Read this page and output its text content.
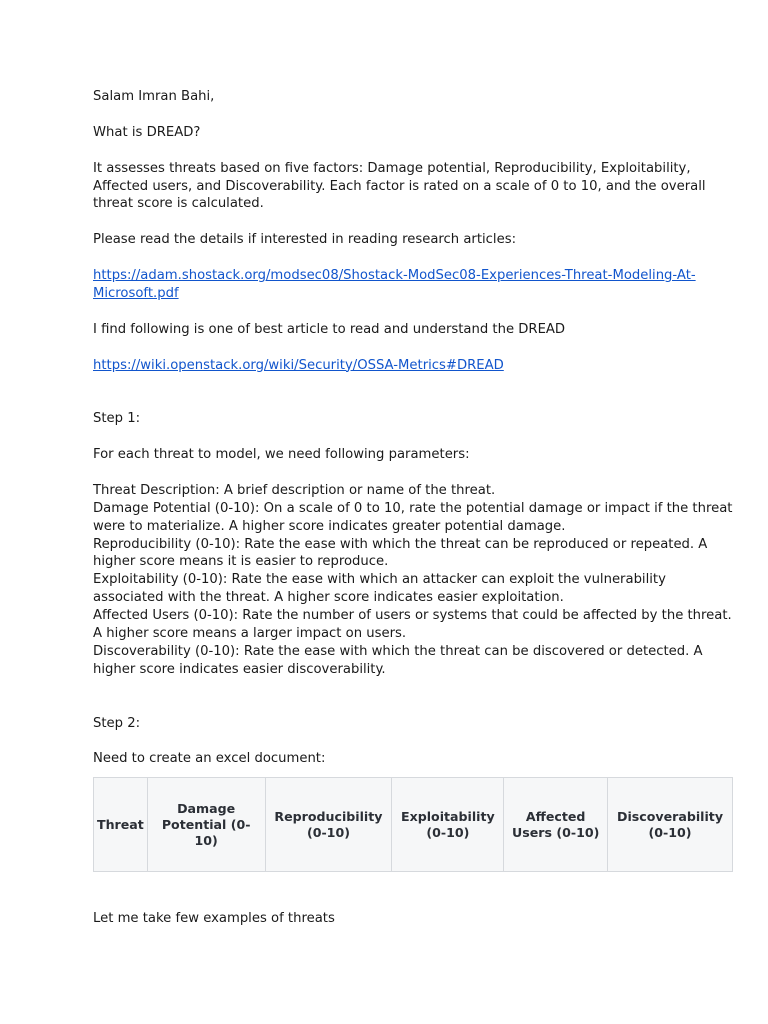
Salam Imran Bahi,

What is DREAD?

It assesses threats based on five factors: Damage potential, Reproducibility, Exploitability, Affected users, and Discoverability. Each factor is rated on a scale of 0 to 10, and the overall threat score is calculated.

Please read the details if interested in reading research articles:

https://adam.shostack.org/modsec08/Shostack-ModSec08-Experiences-Threat-Modeling-At-Microsoft.pdf

I find following is one of best article to read and understand the DREAD

https://wiki.openstack.org/wiki/Security/OSSA-Metrics#DREAD

Step 1:

For each threat to model, we need following parameters:

Threat Description: A brief description or name of the threat.

Damage Potential (0-10): On a scale of 0 to 10, rate the potential damage or impact if the threat were to materialize. A higher score indicates greater potential damage.

Reproducibility (0-10): Rate the ease with which the threat can be reproduced or repeated. A higher score means it is easier to reproduce.

Exploitability (0-10): Rate the ease with which an attacker can exploit the vulnerability associated with the threat. A higher score indicates easier exploitation.

Affected Users (0-10): Rate the number of users or systems that could be affected by the threat. A higher score means a larger impact on users.

Discoverability (0-10): Rate the ease with which the threat can be discovered or detected. A higher score indicates easier discoverability.

Step 2:

Need to create an excel document:

Threat	Damage Potential (0-10)	Reproducibility (0-10)	Exploitability (0-10)	Affected Users (0-10)	Discoverability (0-10)

Let me take few examples of threats
